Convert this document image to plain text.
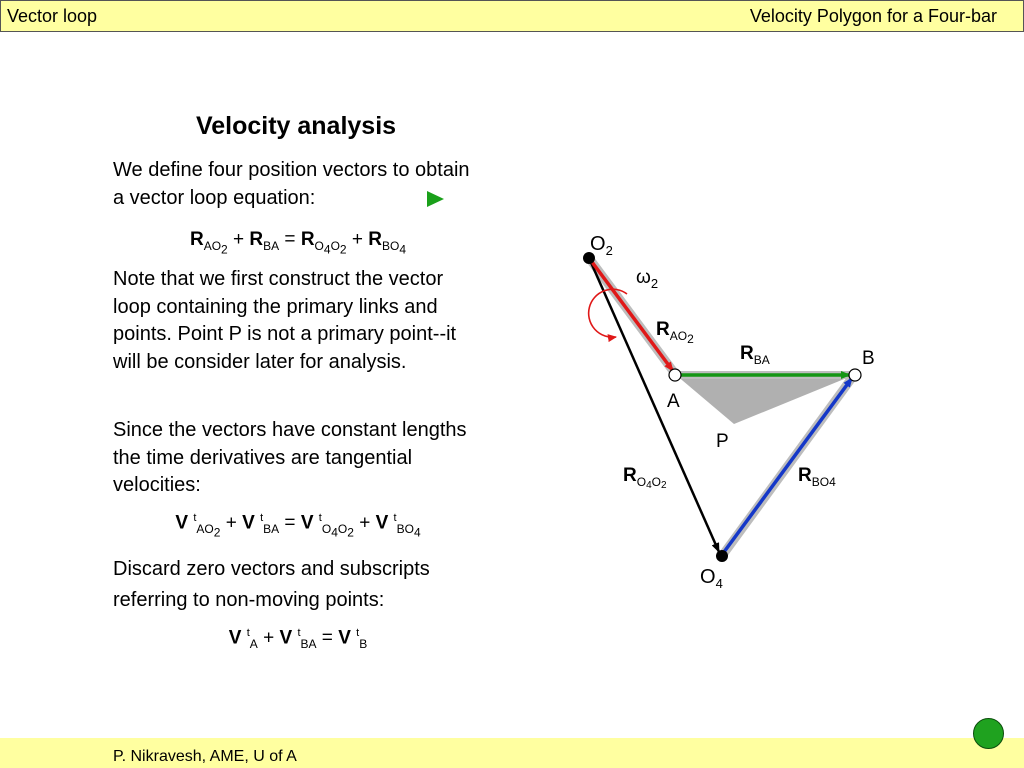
Vector loop	Velocity Polygon for a Four-bar
Velocity analysis
We define four position vectors to obtain a vector loop equation:
$R_{AO_2} + R_{BA} = R_{O_4O_2} + R_{BO_4}$
Note that we first construct the vector loop containing the primary links and points. Point P is not a primary point--it will be consider later for analysis.
Since the vectors have constant lengths the time derivatives are tangential velocities:
V $^t_{AO_2}$ + V $^t_{BA}$ = V $^t_{O_4O_2}$ + V $^t_{BO_4}$
Discard zero vectors and subscripts referring to non-moving points:
V $^t_A$ + V $^t_{BA}$ = V $^t_B$
$O_2$
$\omega_2$
$R_{AO}2$
$R_{BA}$	B
A
P
$R_O4O2$	$R_{BO}4$
$O_4$
P. Nikravesh, AME, U of A
